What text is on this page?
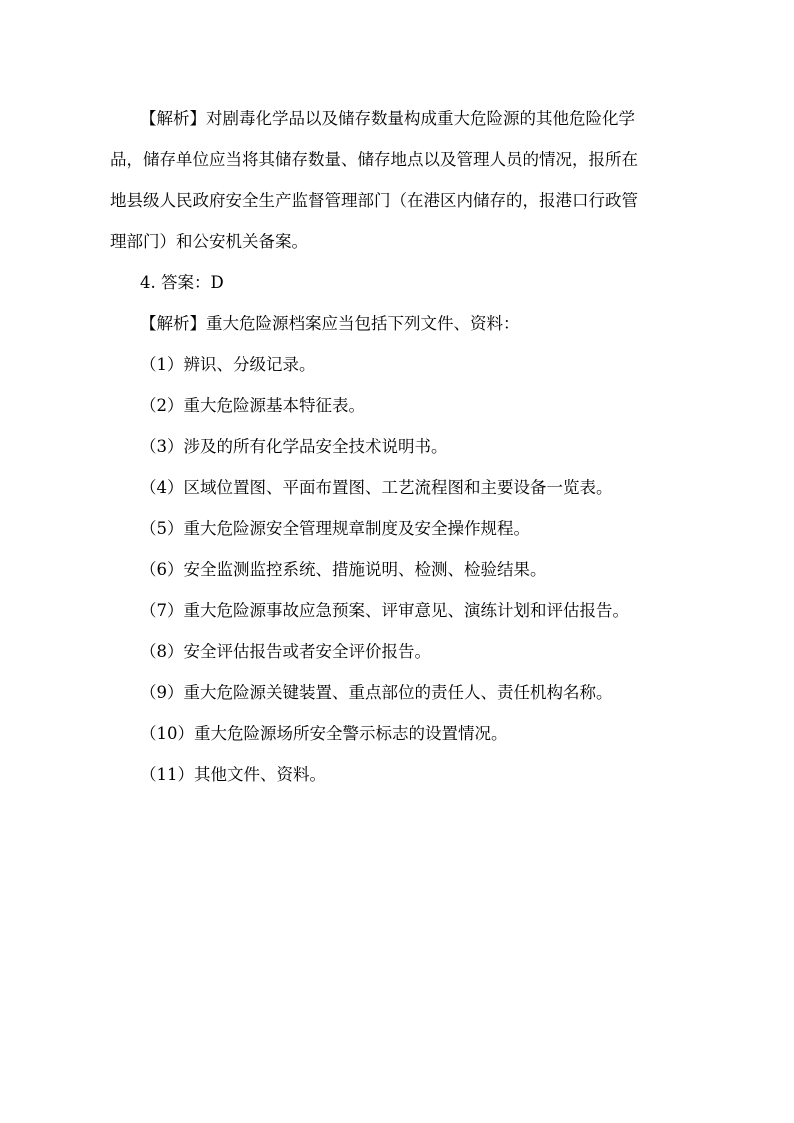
【解析】对剧毒化学品以及储存数量构成重大危险源的其他危险化学

品，储存单位应当将其储存数量、储存地点以及管理人员的情况，报所在

地县级人民政府安全生产监督管理部门（在港区内储存的，报港口行政管

理部门）和公安机关备案。

4. 答案：D

【解析】重大危险源档案应当包括下列文件、资料：

（1）辨识、分级记录。

（2）重大危险源基本特征表。

（3）涉及的所有化学品安全技术说明书。

（4）区域位置图、平面布置图、工艺流程图和主要设备一览表。

（5）重大危险源安全管理规章制度及安全操作规程。

（6）安全监测监控系统、措施说明、检测、检验结果。

（7）重大危险源事故应急预案、评审意见、演练计划和评估报告。

（8）安全评估报告或者安全评价报告。

（9）重大危险源关键装置、重点部位的责任人、责任机构名称。

（10）重大危险源场所安全警示标志的设置情况。

（11）其他文件、资料。
